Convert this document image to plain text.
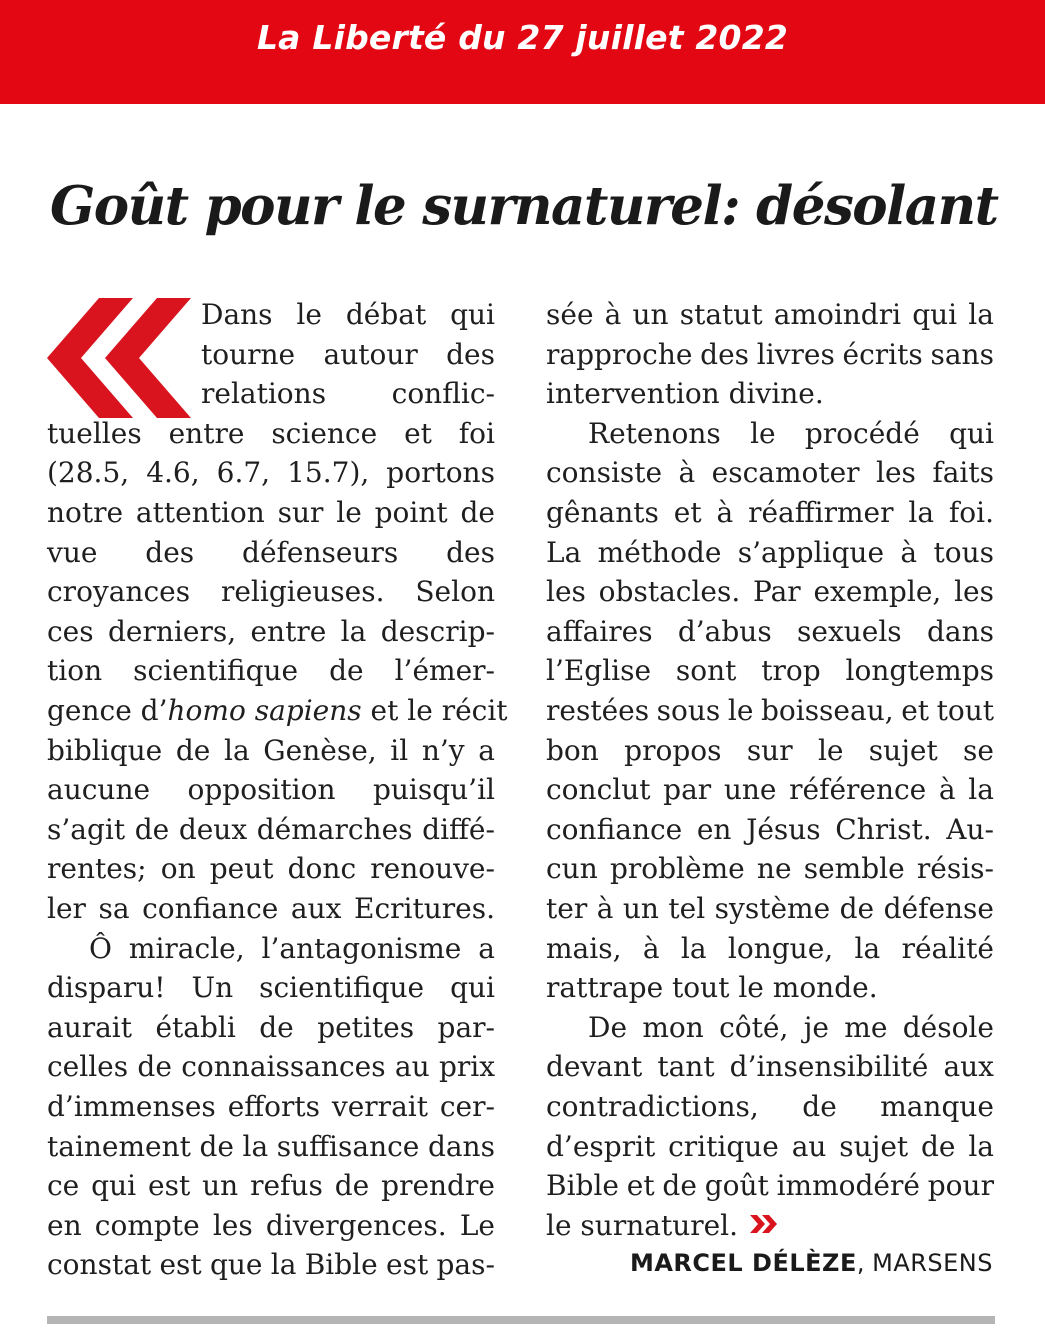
La Liberté du 27 juillet 2022
Goût pour le surnaturel: désolant
Dans le débat qui
tourne autour des
relations conflic-
tuelles entre science et foi
(28.5, 4.6, 6.7, 15.7), portons
notre attention sur le point de
vue des défenseurs des
croyances religieuses. Selon
ces derniers, entre la descrip-
tion scientifique de l’émer-
gence d’ homo sapiens et le récit
biblique de la Genèse, il n’y a
aucune opposition puisqu’il
s’agit de deux démarches diffé-
rentes; on peut donc renouve-
ler sa confiance aux Ecritures.
Ô miracle, l’antagonisme a
disparu! Un scientifique qui
aurait établi de petites par-
celles de connaissances au prix
d’immenses efforts verrait cer-
tainement de la suffisance dans
ce qui est un refus de prendre
en compte les divergences. Le
constat est que la Bible est pas-
sée à un statut amoindri qui la
rapproche des livres écrits sans
intervention divine.
Retenons le procédé qui
consiste à escamoter les faits
gênants et à réaffirmer la foi.
La méthode s’applique à tous
les obstacles. Par exemple, les
affaires d’abus sexuels dans
l’Eglise sont trop longtemps
restées sous le boisseau, et tout
bon propos sur le sujet se
conclut par une référence à la
confiance en Jésus Christ. Au-
cun problème ne semble résis-
ter à un tel système de défense
mais, à la longue, la réalité
rattrape tout le monde.
De mon côté, je me désole
devant tant d’insensibilité aux
contradictions, de manque
d’esprit critique au sujet de la
Bible et de goût immodéré pour
le surnaturel.
MARCEL DÉLÈZE, MARSENS
